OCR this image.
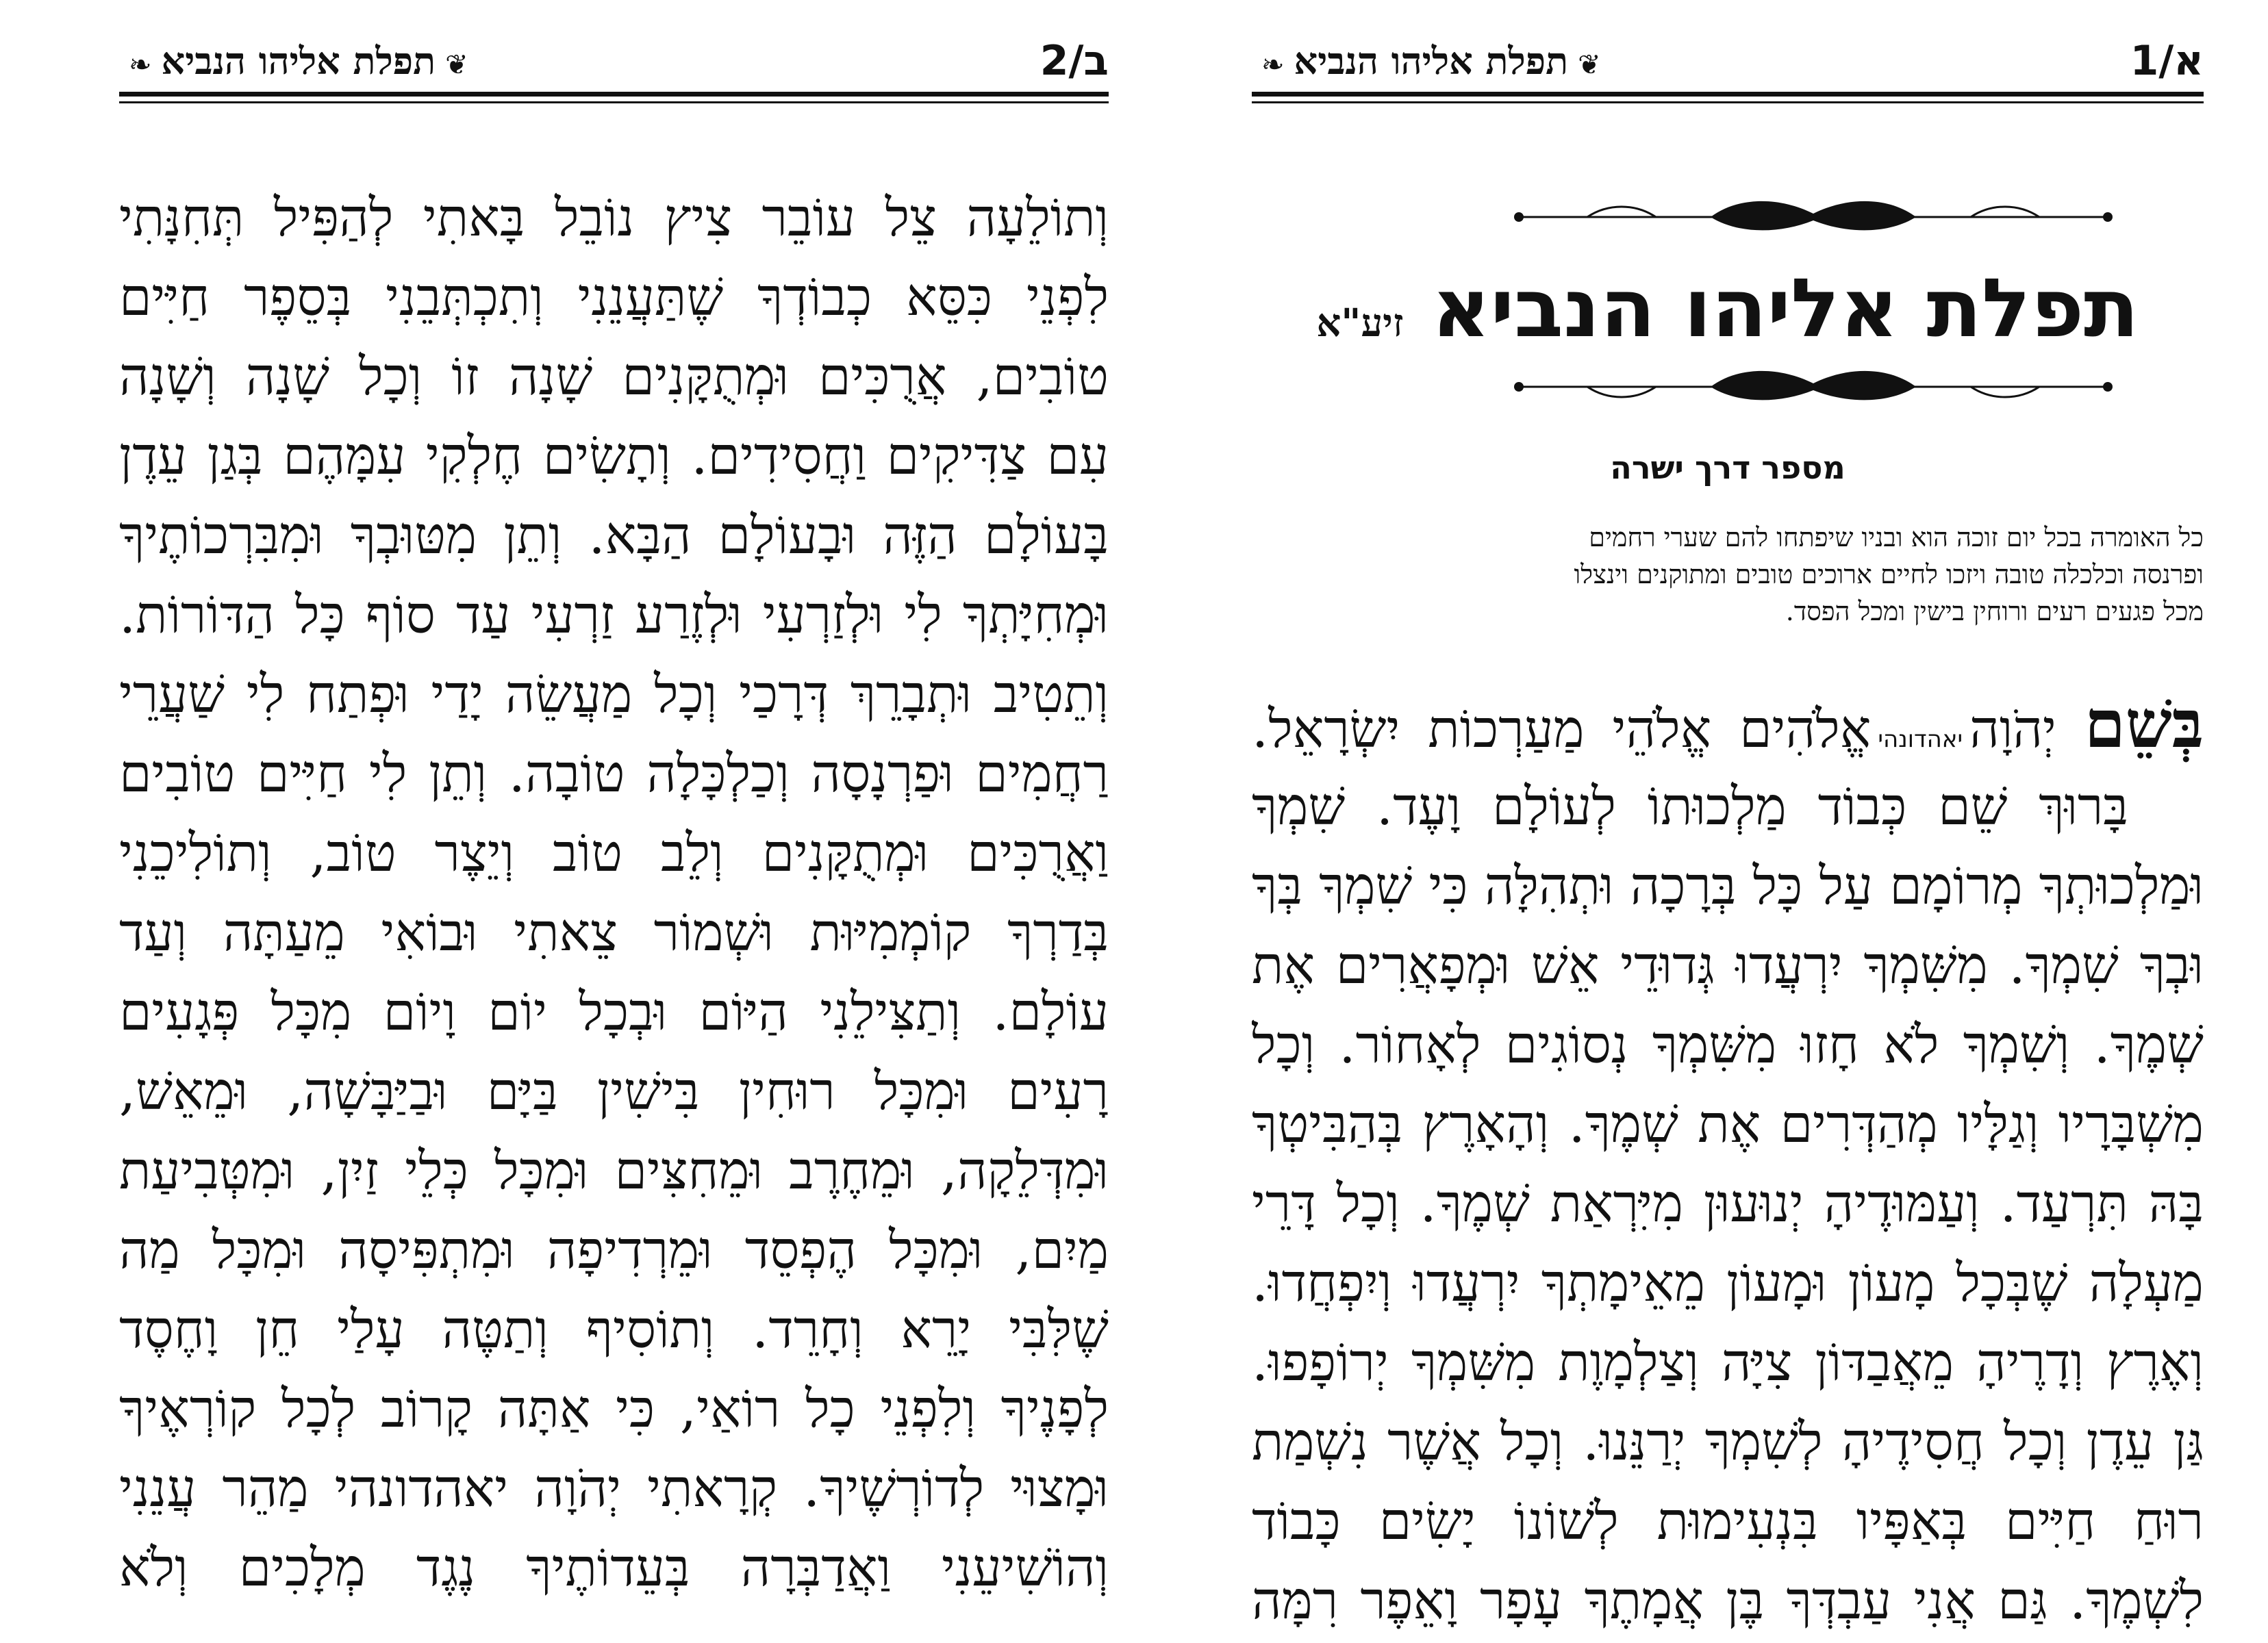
א/1
❦תפלת אליהו הנביא❧
תפלת אליהו הנביא זיע"א
מספר דרך ישרה
כל האומרה בכל יום זוכה הוא ובניו שיפתחו להם שערי רחמים
ופרנסה וכלכלה טובה ויזכו לחיים ארוכים טובים ומתוקנים וינצלו
מכל פגעים רעים ורוחין בישין ומכל הפסד.
בְּשֵׁם יְהֹוָהיאהדונהיאֱלֹהִים אֱלֹהֵי מַעַרְכוֹת יִשְׂרָאֵל.
בָּרוּךְ שֵׁם כְּבוֹד מַלְכוּתוֹ לְעוֹלָם וָעֶד. שִׁמְךָ
וּמַלְכוּתְךָ מְרוֹמָם עַל כָּל בְּרָכָה וּתְהִלָּה כִּי שִׁמְךָ בְּךָ
וּבְךָ שִׁמְךָ. מִשִּׁמְךָ יִרְעֲדוּ גְּדוּדֵי אֵשׁ וּמְפָאֲרִים אֶת
שְׁמֶךָ. וְשִׁמְךָ לֹא חָזוּ מִשִּׁמְךָ נְסוֹגִים לְאָחוֹר. וְכָל
מִשְׁבָּרָיו וְגַלָּיו מְהַדְּרִים אֶת שְׁמֶךָ. וְהָאָרֶץ בְּהַבִּיטְךָ
בָּהּ תִּרְעַד. וְעַמּוּדֶיהָ יְנוּעוּן מִיִּרְאַת שְׁמֶךָ. וְכָל דָּרֵי
מַעְלָה שֶׁבְּכָל מָעוֹן וּמָעוֹן מֵאֵימָתְךָ יִרְעֲדוּ וְיִפְחֲדוּ.
וְאֶרֶץ וְדָרֶיהָ מֵאֲבַדּוֹן צִיָּה וְצַלְמָוֶת מִשִּׁמְךָ יְרוֹפָפוּ.
גַּן עֵדֶן וְכָל חֲסִידֶיהָ לְשִׁמְךָ יְרַנֵּנוּ. וְכָל אֲשֶׁר נִשְׁמַת
רוּחַ חַיִּים בְּאַפָּיו בִּנְעִימוּת לְשׁוֹנוֹ יָשִׂים כָּבוֹד
לִשְׁמֶךָ. גַּם אֲנִי עַבְדְּךָ בֶּן אֲמָתֶךָ עָפָר וָאֵפֶר רִמָּה
ב/2
❦תפלת אליהו הנביא❧
וְתוֹלֵעָה צֵל עוֹבֵר צִיץ נוֹבֵל בָּאתִי לְהַפִּיל תְּחִנָּתִי
לִפְנֵי כִּסֵּא כְבוֹדְךָ שֶׁתַּעֲנֵנִי וְתִכְתְּבֵנִי בְּסֵפֶר חַיִּים
טוֹבִים, אֲרֻכִּים וּמְתֻקָּנִים שָׁנָה זוֹ וְכָל שָׁנָה וְשָׁנָה
עִם צַדִּיקִים וַחֲסִידִים. וְתָשִׂים חֶלְקִי עִמָּהֶם בְּגַן עֵדֶן
בָּעוֹלָם הַזֶּה וּבָעוֹלָם הַבָּא. וְתֵן מִטּוּבְךָ וּמִבִּרְכוֹתֶיךָ
וּמְחִיָּתְךָ לִי וּלְזַרְעִי וּלְזֶרַע זַרְעִי עַד סוֹף כָּל הַדּוֹרוֹת.
וְתֵטִיב וּתְבָרֵךְ דְּרָכַי וְכָל מַעֲשֵׂה יָדַי וּפְתַח לִי שַׁעֲרֵי
רַחֲמִים וּפַרְנָסָה וְכַלְכָּלָה טוֹבָה. וְתֵן לִי חַיִּים טוֹבִים
וַאֲרֻכִּים וּמְתֻקָּנִים וְלֵב טוֹב וְיֵצֶר טוֹב, וְתוֹלִיכֵנִי
בְּדַרְךָ קוֹמְמִיּוּת וּשְׁמוֹר צֵאתִי וּבוֹאִי מֵעַתָּה וְעַד
עוֹלָם. וְתַצִּילֵנִי הַיּוֹם וּבְכָל יוֹם וָיוֹם מִכָּל פְּגָעִים
רָעִים וּמִכָּל רוּחִין בִּישִׁין בַּיָּם וּבַיַּבָּשָׁה, וּמֵאֵשׁ,
וּמִדְּלֵקָה, וּמֵחֶרֶב וּמֵחִצִּים וּמִכָּל כְּלֵי זַיִן, וּמִטְּבִיעַת
מַיִם, וּמִכָּל הֶפְסֵד וּמֵרְדִיפָה וּמִתְפִּיסָה וּמִכָּל מַה
שֶׁלִּבִּי יָרֵא וְחָרֵד. וְתוֹסִיף וְתַטֶּה עָלַי חֵן וָחֶסֶד
לְפָנֶיךָ וְלִפְנֵי כָל רוֹאַי, כִּי אַתָּה קָרוֹב לְכָל קוֹרְאֶיךָ
וּמָצוּי לְדוֹרְשֶׁיךָ. קְרָאתִי יְהֹוָה יאהדונהי מַהֵר עֲנֵנִי
וְהוֹשִׁיעֵנִי וַאֲדַבְּרָה בְּעֵדוֹתֶיךָ נֶגֶד מְלָכִים וְלֹא
